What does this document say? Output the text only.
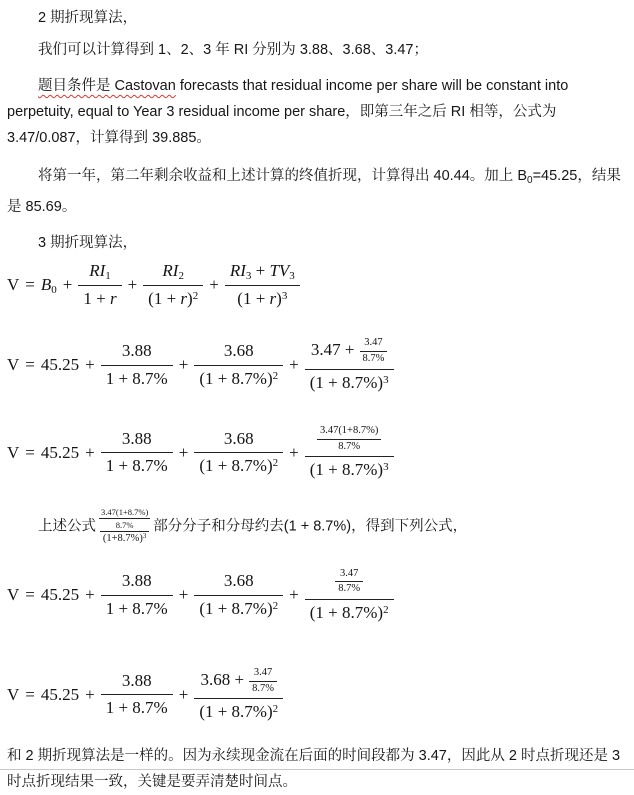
2 期折现算法，

我们可以计算得到 1、2、3 年 RI 分别为 3.88、3.68、3.47；

题目条件是 Castovan forecasts that residual income per share will be constant into perpetuity, equal to Year 3 residual income per share，即第三年之后 RI 相等，公式为 3.47/0.087，计算得到 39.885。

将第一年，第二年剩余收益和上述计算的终值折现，计算得出 40.44。加上 $B_0=45.25$，结果是 85.69。

3 期折现算法，

$V = B_0 + \frac{RI_1}{1 + r} + \frac{RI_2}{(1 + r)^2} + \frac{RI_3 + TV_3}{(1 + r)^3}$
$V = 45.25 + \frac{3.88}{1 + 8.7\%} + \frac{3.68}{(1 + 8.7\%)^2} + \frac{3.47 + \frac{3.47}{8.7\%}}{(1 + 8.7\%)^3}$
$V = 45.25 + \frac{3.88}{1 + 8.7\%} + \frac{3.68}{(1 + 8.7\%)^2} + \frac{\frac{3.47(1+8.7\%)}{8.7\%}}{(1 + 8.7\%)^3}$

上述公式 $\frac{3.47(1+8.7\%)}{8.7\%}$
$(1+8.7\%)^3$
部分分子和分母约去(1 + 8.7%)，得到下列公式，

$V = 45.25 + \frac{3.88}{1 + 8.7\%} + \frac{3.68}{(1 + 8.7\%)^2} + \frac{\frac{3.47}{8.7\%}}{(1 + 8.7\%)^2}$
$V = 45.25 + \frac{3.88}{1 + 8.7\%} + \frac{3.68 + \frac{3.47}{8.7\%}}{(1 + 8.7\%)^2}$

和 2 期折现算法是一样的。因为永续现金流在后面的时间段都为 3.47，因此从 2 时点折现还是 3 时点折现结果一致，关键是要弄清楚时间点。
